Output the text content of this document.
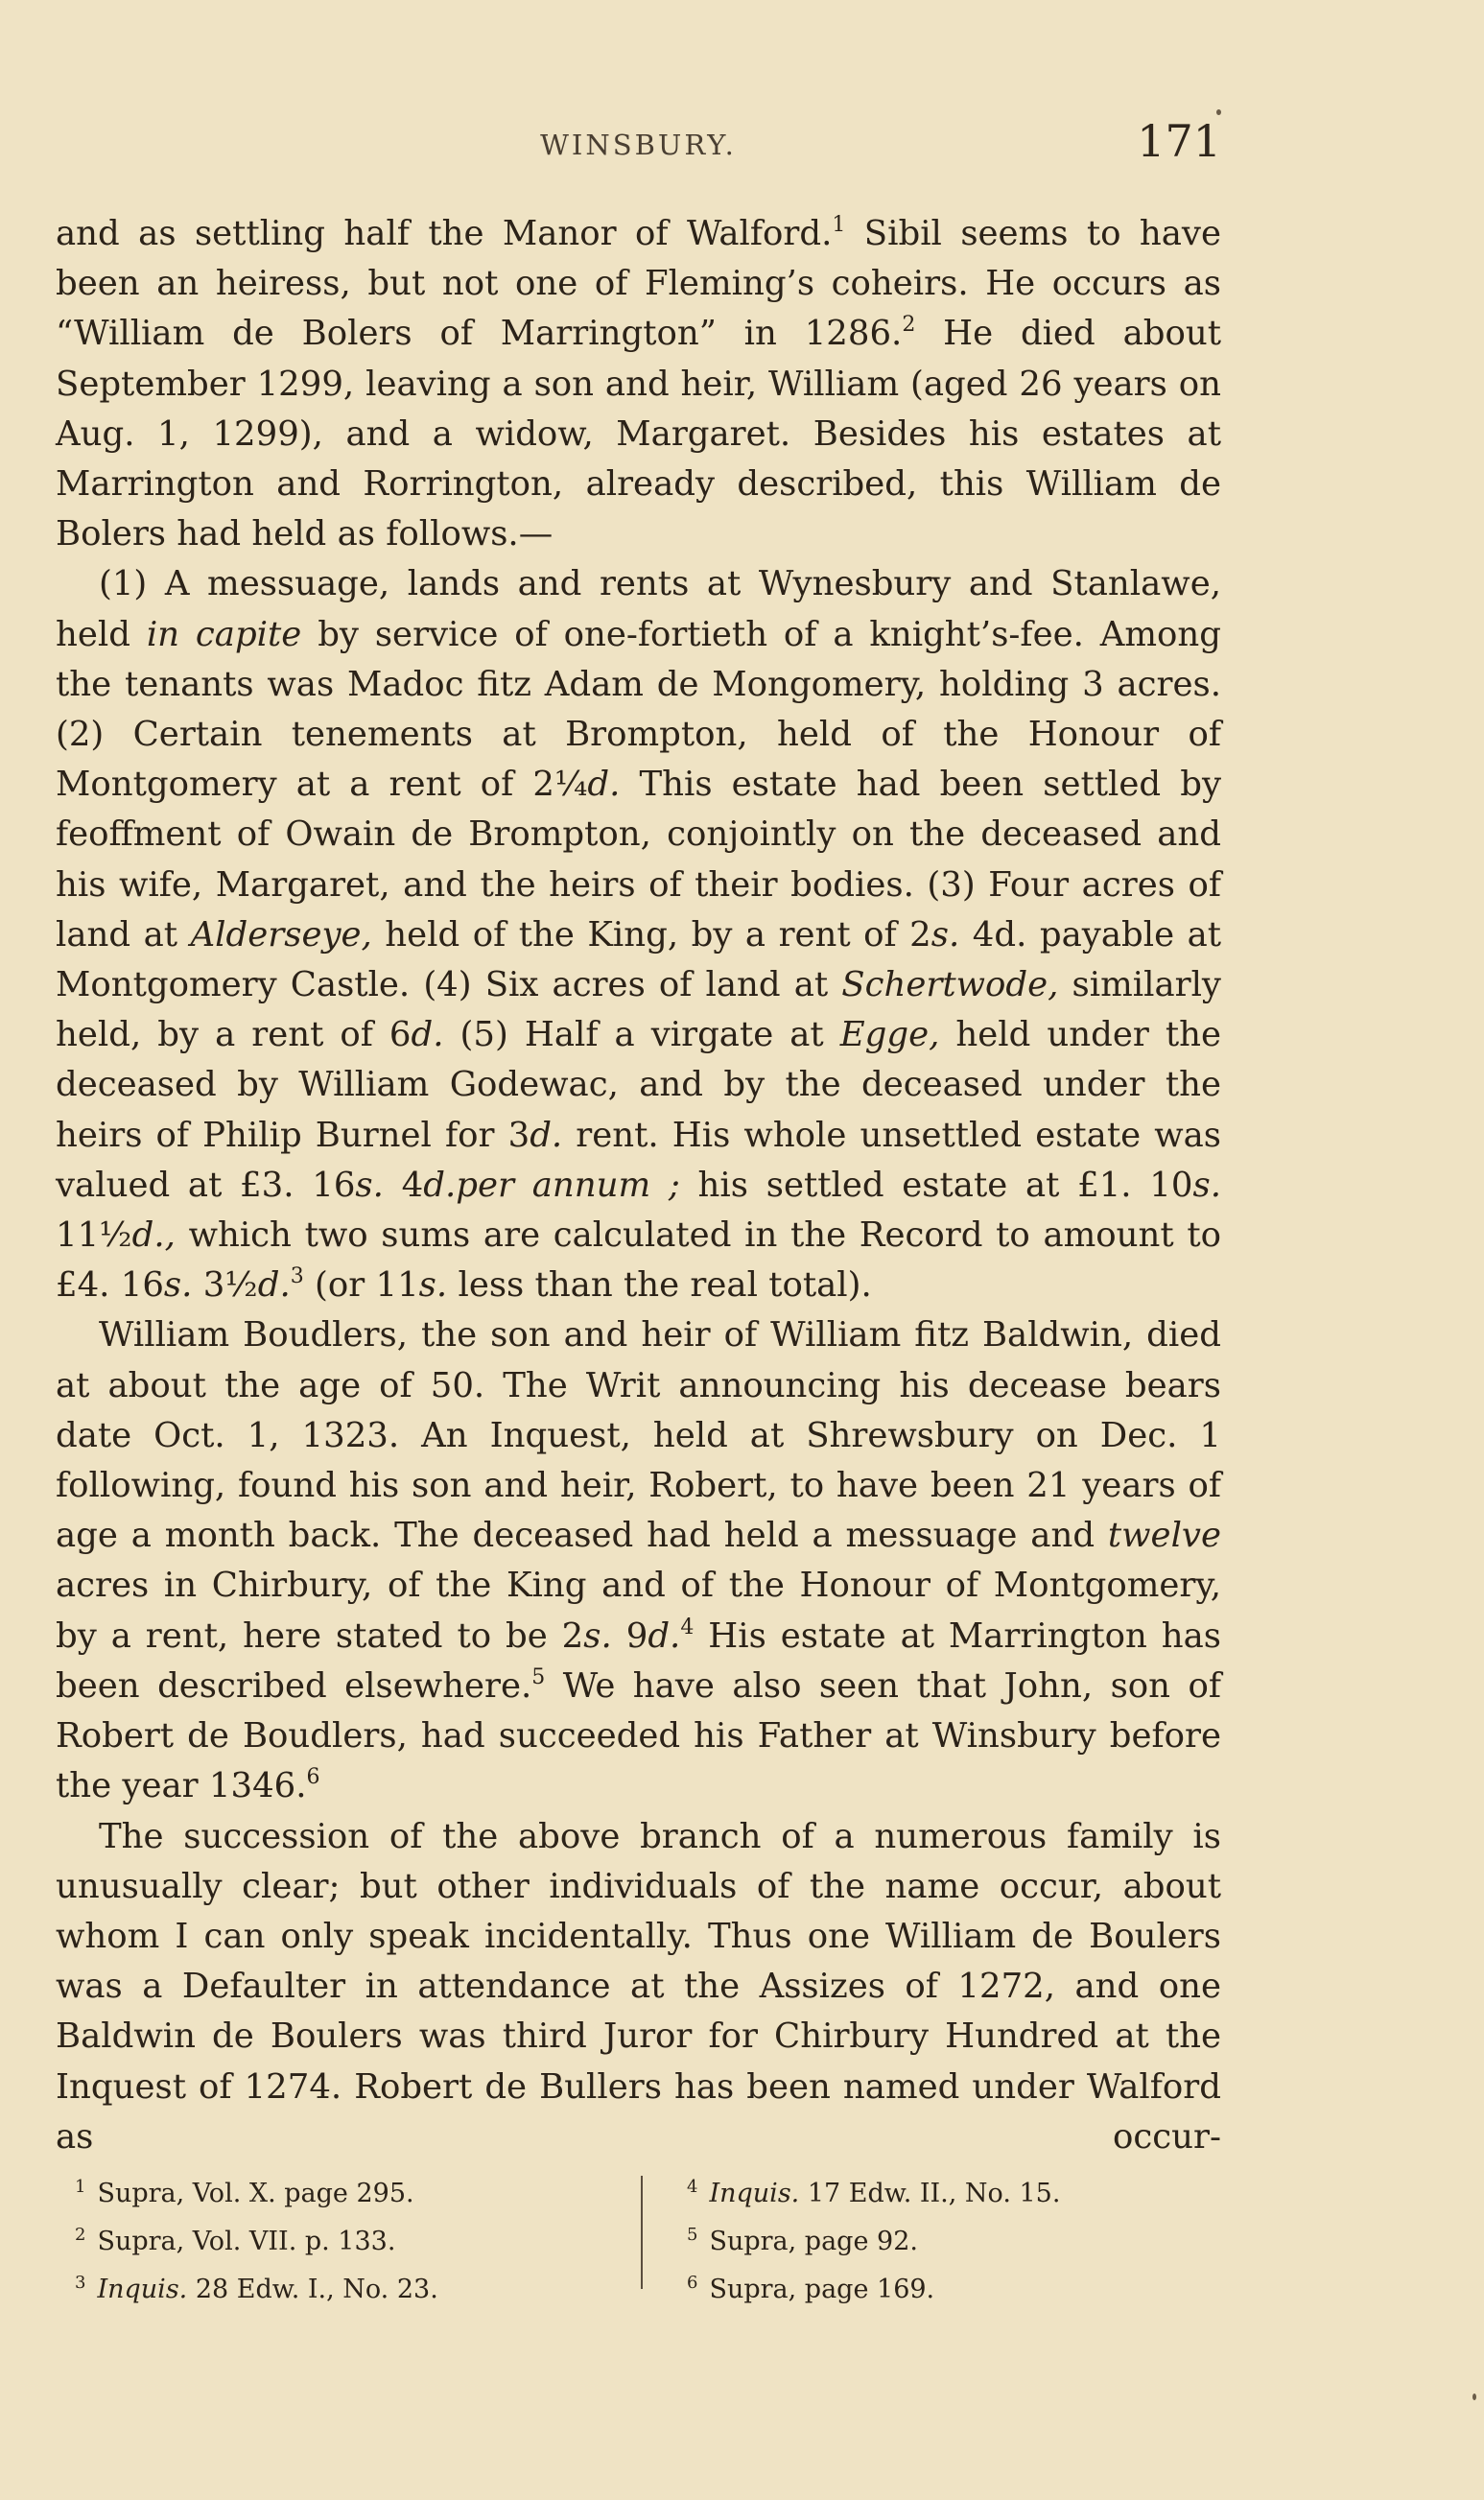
WINSBURY.	171

and as settling half the Manor of Walford.$^1$ Sibil seems to have been an heiress, but not one of Fleming’s coheirs. He occurs as “William de Bolers of Marrington” in 1286.$^2$ He died about September 1299, leaving a son and heir, William (aged 26 years on Aug. 1, 1299), and a widow, Margaret. Besides his estates at Marrington and Rorrington, already described, this William de Bolers had held as follows.—

(1) A messuage, lands and rents at Wynesbury and Stanlawe, held in capite by service of one-fortieth of a knight’s-fee. Among the tenants was Madoc fitz Adam de Mongomery, holding 3 acres. (2) Certain tenements at Brompton, held of the Honour of Montgomery at a rent of 2¼d. This estate had been settled by feoffment of Owain de Brompton, conjointly on the deceased and his wife, Margaret, and the heirs of their bodies. (3) Four acres of land at Alderseye, held of the King, by a rent of 2s. 4d. payable at Montgomery Castle. (4) Six acres of land at Schertwode, similarly held, by a rent of 6d. (5) Half a virgate at Egge, held under the deceased by William Godewac, and by the deceased under the heirs of Philip Burnel for 3d. rent. His whole unsettled estate was valued at £3. 16s. 4d.per annum ; his settled estate at £1. 10s. 11½d., which two sums are calculated in the Record to amount to £4. 16s. 3½d.$^3$ (or 11s. less than the real total).

William Boudlers, the son and heir of William fitz Baldwin, died at about the age of 50. The Writ announcing his decease bears date Oct. 1, 1323. An Inquest, held at Shrewsbury on Dec. 1 following, found his son and heir, Robert, to have been 21 years of age a month back. The deceased had held a messuage and twelve acres in Chirbury, of the King and of the Honour of Montgomery, by a rent, here stated to be 2s. 9d.$^4$ His estate at Marrington has been described elsewhere.$^5$ We have also seen that John, son of Robert de Boudlers, had succeeded his Father at Winsbury before the year 1346.$^6$

The succession of the above branch of a numerous family is unusually clear; but other individuals of the name occur, about whom I can only speak incidentally. Thus one William de Boulers was a Defaulter in attendance at the Assizes of 1272, and one Baldwin de Boulers was third Juror for Chirbury Hundred at the Inquest of 1274. Robert de Bullers has been named under Walford as occur-

$^1$ Supra, Vol. X. page 295.
$^2$ Supra, Vol. VII. p. 133.
$^3$ Inquis. 28 Edw. I., No. 23.
$^4$ Inquis. 17 Edw. II., No. 15.
$^5$ Supra, page 92.
$^6$ Supra, page 169.
